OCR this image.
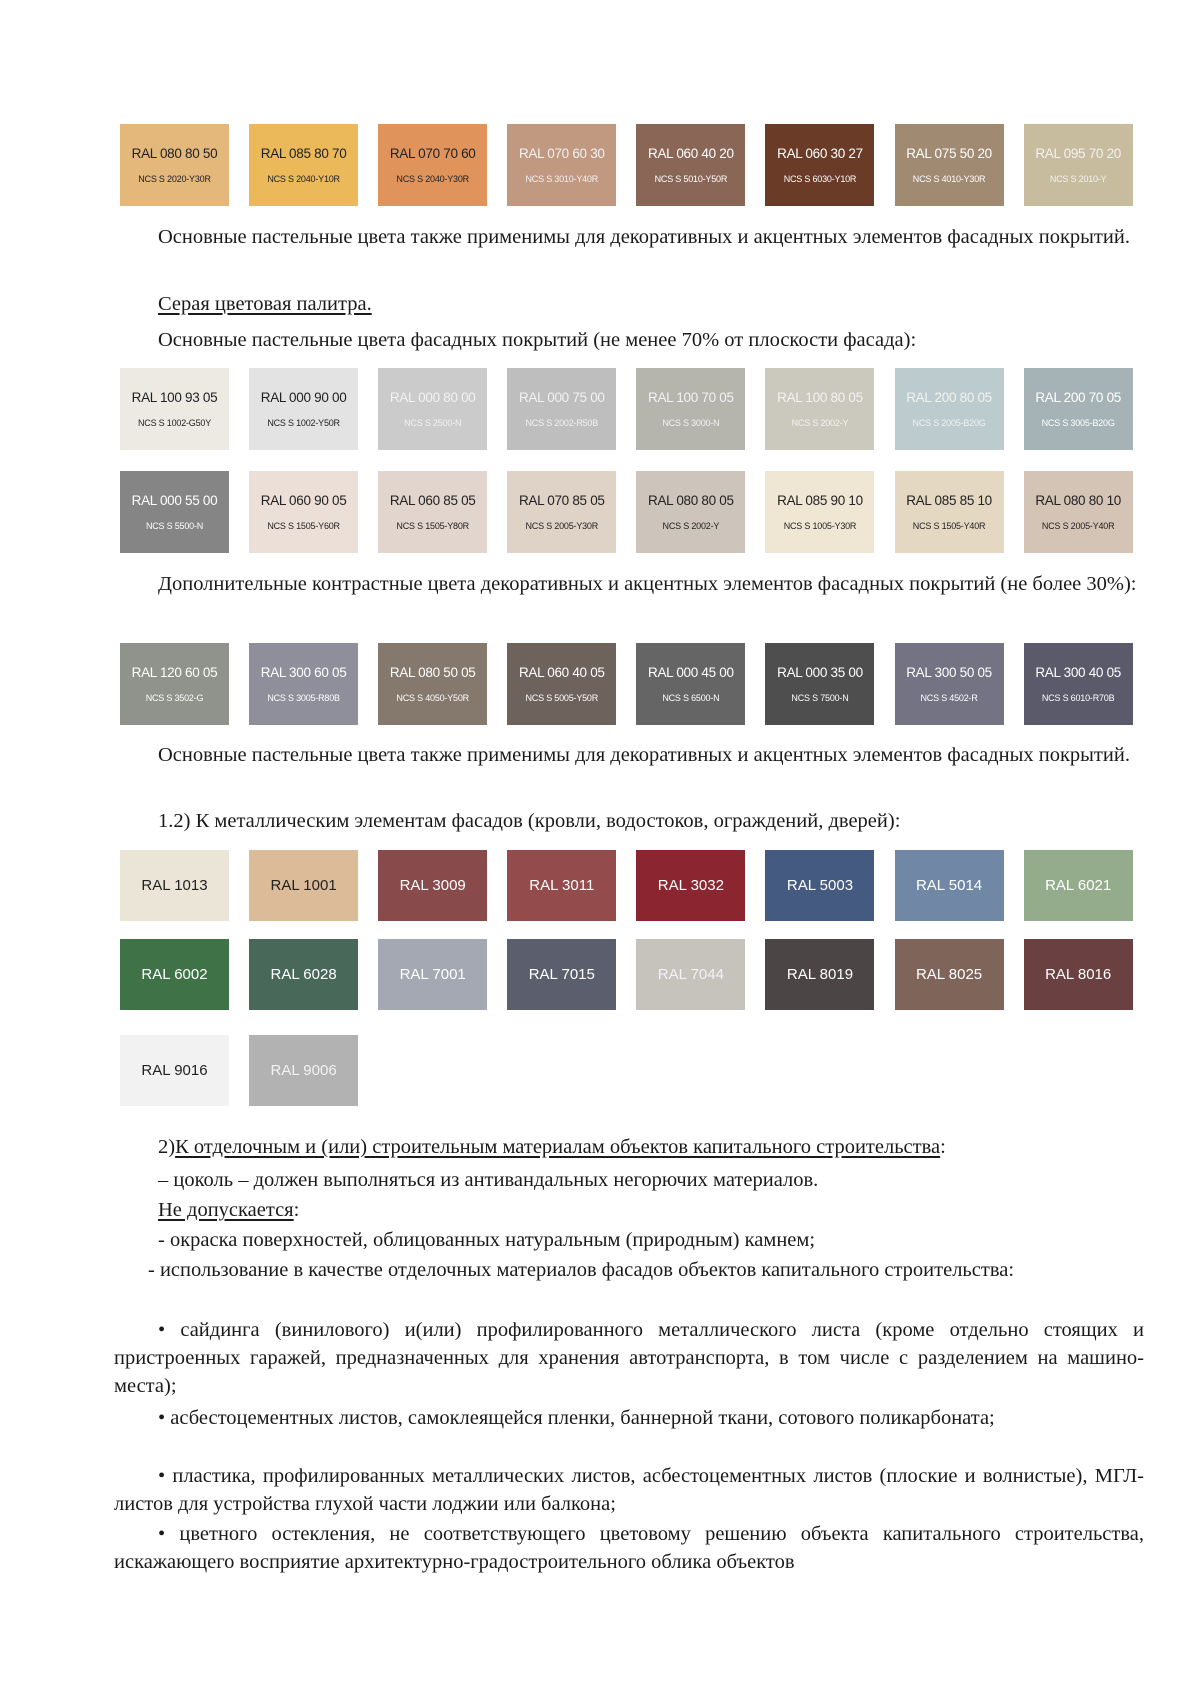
RAL 080 80 50
NCS S 2020-Y30R
RAL 085 80 70
NCS S 2040-Y10R
RAL 070 70 60
NCS S 2040-Y30R
RAL 070 60 30
NCS S 3010-Y40R
RAL 060 40 20
NCS S 5010-Y50R
RAL 060 30 27
NCS S 6030-Y10R
RAL 075 50 20
NCS S 4010-Y30R
RAL 095 70 20
NCS S 2010-Y
Основные пастельные цвета также применимы для декоративных и акцентных элементов фасадных покрытий.
Серая цветовая палитра.
Основные пастельные цвета фасадных покрытий (не менее 70% от плоскости фасада):
RAL 100 93 05
NCS S 1002-G50Y
RAL 000 90 00
NCS S 1002-Y50R
RAL 000 80 00
NCS S 2500-N
RAL 000 75 00
NCS S 2002-R50B
RAL 100 70 05
NCS S 3000-N
RAL 100 80 05
NCS S 2002-Y
RAL 200 80 05
NCS S 2005-B20G
RAL 200 70 05
NCS S 3005-B20G
RAL 000 55 00
NCS S 5500-N
RAL 060 90 05
NCS S 1505-Y60R
RAL 060 85 05
NCS S 1505-Y80R
RAL 070 85 05
NCS S 2005-Y30R
RAL 080 80 05
NCS S 2002-Y
RAL 085 90 10
NCS S 1005-Y30R
RAL 085 85 10
NCS S 1505-Y40R
RAL 080 80 10
NCS S 2005-Y40R
Дополнительные контрастные цвета декоративных и акцентных элементов фасадных покрытий (не более 30%):
RAL 120 60 05
NCS S 3502-G
RAL 300 60 05
NCS S 3005-R80B
RAL 080 50 05
NCS S 4050-Y50R
RAL 060 40 05
NCS S 5005-Y50R
RAL 000 45 00
NCS S 6500-N
RAL 000 35 00
NCS S 7500-N
RAL 300 50 05
NCS S 4502-R
RAL 300 40 05
NCS S 6010-R70B
Основные пастельные цвета также применимы для декоративных и акцентных элементов фасадных покрытий.
1.2) К металлическим элементам фасадов (кровли, водостоков, ограждений, дверей):
RAL 1013	RAL 1001	RAL 3009	RAL 3011	RAL 3032	RAL 5003	RAL 5014	RAL 6021
RAL 6002	RAL 6028	RAL 7001	RAL 7015	RAL 7044	RAL 8019	RAL 8025	RAL 8016
RAL 9016	RAL 9006
2)К отделочным и (или) строительным материалам объектов капитального строительства:
– цоколь – должен выполняться из антивандальных негорючих материалов.
Не допускается:
- окраска поверхностей, облицованных натуральным (природным) камнем;
- использование в качестве отделочных материалов фасадов объектов капитального строительства:
• сайдинга (винилового) и(или) профилированного металлического листа (кроме отдельно стоящих и пристроенных гаражей, предназначенных для хранения автотранспорта, в том числе с разделением на машино-места);
• асбестоцементных листов, самоклеящейся пленки, баннерной ткани, сотового поликарбоната;
• пластика, профилированных металлических листов, асбестоцементных листов (плоские и волнистые), МГЛ-листов для устройства глухой части лоджии или балкона;
• цветного остекления, не соответствующего цветовому решению объекта капитального строительства, искажающего восприятие архитектурно-градостроительного облика объектов
